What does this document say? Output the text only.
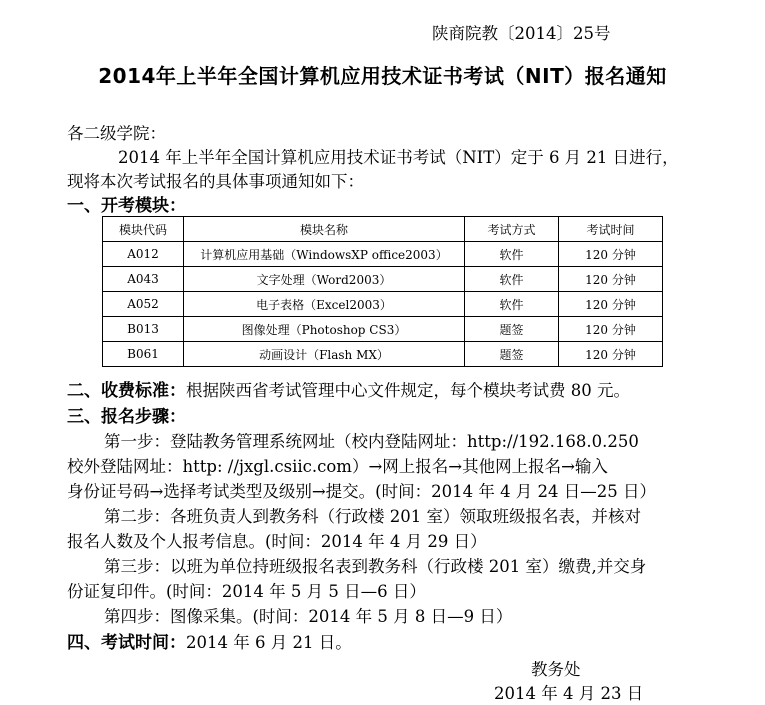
陕商院教〔2014〕25号
2014年上半年全国计算机应用技术证书考试（NIT）报名通知
各二级学院：
2014 年上半年全国计算机应用技术证书考试（NIT）定于 6 月 21 日进行，
现将本次考试报名的具体事项通知如下：
一、开考模块：
模块代码	模块名称	考试方式	考试时间
A012	计算机应用基础（WindowsXP office2003）	软件	120 分钟
A043	文字处理（Word2003）	软件	120 分钟
A052	电子表格（Excel2003）	软件	120 分钟
B013	图像处理（Photoshop CS3）	题签	120 分钟
B061	动画设计（Flash MX）	题签	120 分钟
二、收费标准：根据陕西省考试管理中心文件规定，每个模块考试费 80 元。
三、报名步骤：
第一步：登陆教务管理系统网址（校内登陆网址：http://192.168.0.250
校外登陆网址：http: //jxgl.csiic.com）→网上报名→其他网上报名→输入
身份证号码→选择考试类型及级别→提交。(时间：2014 年 4 月 24 日—25 日）
第二步：各班负责人到教务科（行政楼 201 室）领取班级报名表，并核对
报名人数及个人报考信息。(时间：2014 年 4 月 29 日）
第三步：以班为单位持班级报名表到教务科（行政楼 201 室）缴费,并交身
份证复印件。(时间：2014 年 5 月 5 日—6 日）
第四步：图像采集。(时间：2014 年 5 月 8 日—9 日）
四、考试时间：2014 年 6 月 21 日。
教务处
2014 年 4 月 23 日
